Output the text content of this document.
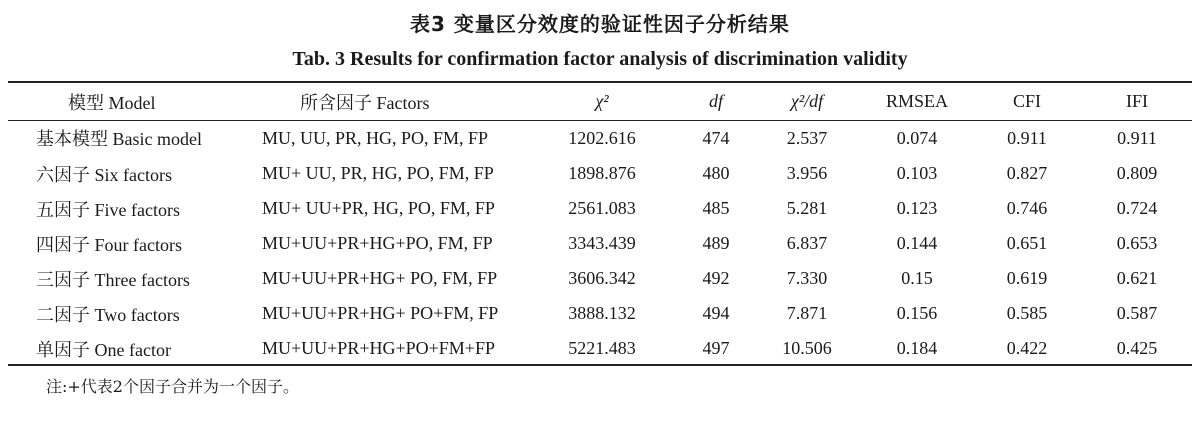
表3 变量区分效度的验证性因子分析结果
Tab. 3 Results for confirmation factor analysis of discrimination validity
模型 Model	所含因子 Factors	χ²	df	χ²/df	RMSEA	CFI	IFI
基本模型 Basic model	MU, UU, PR, HG, PO, FM, FP	1202.616	474	2.537	0.074	0.911	0.911
六因子 Six factors	MU+ UU, PR, HG, PO, FM, FP	1898.876	480	3.956	0.103	0.827	0.809
五因子 Five factors	MU+ UU+PR, HG, PO, FM, FP	2561.083	485	5.281	0.123	0.746	0.724
四因子 Four factors	MU+UU+PR+HG+PO, FM, FP	3343.439	489	6.837	0.144	0.651	0.653
三因子 Three factors	MU+UU+PR+HG+ PO, FM, FP	3606.342	492	7.330	0.15	0.619	0.621
二因子 Two factors	MU+UU+PR+HG+ PO+FM, FP	3888.132	494	7.871	0.156	0.585	0.587
单因子 One factor	MU+UU+PR+HG+PO+FM+FP	5221.483	497	10.506	0.184	0.422	0.425
注:+代表2个因子合并为一个因子。
